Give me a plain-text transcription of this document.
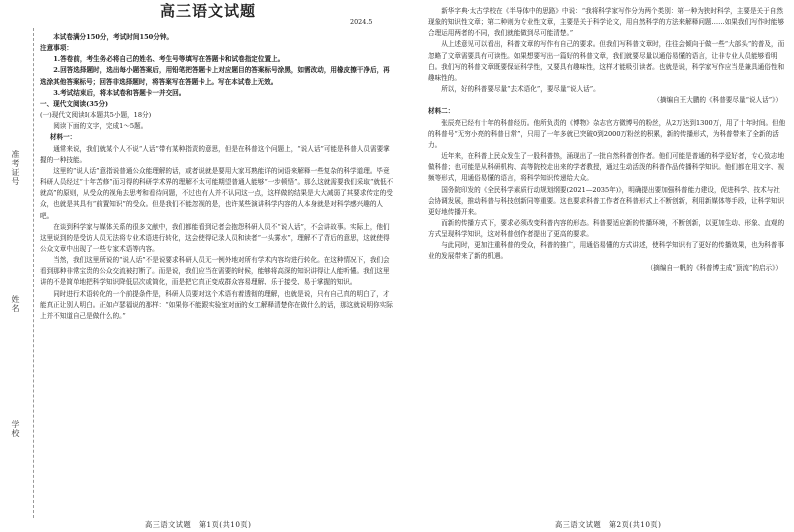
准考证号
姓名
学校
高三语文试题
2024.5

本试卷满分150分，考试时间150分钟。

注意事项：

1.答卷前，考生务必将自己的姓名、考生号等填写在答题卡和试卷指定位置上。

2.回答选择题时，选出每小题答案后，用铅笔把答题卡上对应题目的答案标号涂黑，如需改动，用橡皮擦干净后，再选涂其他答案标号；回答非选择题时，将答案写在答题卡上。写在本试卷上无效。

3.考试结束后，将本试卷和答题卡一并交回。

一、现代文阅读(35分)

(一)现代文阅读Ⅰ(本题共5小题，18分)

阅读下面的文字，完成1～5题。

材料一：

通常来说，我们就某个人不说“人话”带有某种指责的意思，但是在科普这个问题上，“说人话”可能是科普人员需要掌握的一种技能。

这里的“说人话”意指说普通公众能理解的话，或者说就是要用大家耳熟能详的词语来解释一些复杂的科学道理。毕竟科研人员经过“十年苦修”而习得的科研学术界的理解不太可能期望普通人能够“一步顿悟”。那么这就需要我们采取“就低不就高”的原则，从受众的视角去思考和看待问题，不过也有人并不认同这一点，这样做的结果是大大减弱了其要求传定的受众，也就是其具有“前置知识”的受众。但是我们不能忽视的是，也许某些演讲科学内容的人本身就是对科学感兴趣的人吧。

在谈到科学家与媒体关系的很多文献中，我们都能看到记者会抱怨科研人员不“说人话”，不会讲故事。实际上，他们这里说到的是受访人员无法将专业术语进行转化，这会使得记录人员和读者“一头雾水”，理解不了背后的意思，这就使得公众文章中出现了一些专家术语等内容。

当然，我们这里所说的“说人话”不是说要求科研人员无一例外地对所有学术内容均进行转化。在这种情况下，我们会看到那种非常宝贵的公众交流被打断了。而是说，我们应当在需要的时候，能够将高深的知识讲得让人能听懂。我们这里讲的不是简单地把科学知识降低层次或简化，而是把它真正变成群众容易理解、乐于接受、易于掌握的知识。

同时进行术语转化的一个前提条件是，科研人员要对这个术语有着透彻的理解，也就是说，只有自己真的明白了，才能真正让别人明白。正如卢瑟福说的那样：“如果你不能跟实验室对面的女工解释清楚你在做什么的话，那这就说明你实际上并不知道自己是做什么的。”

高三语文试题　第1页(共10页)

新华字典·太古学校在《半导体中的思路》中说：“我将科学家写作分为两个类别：第一种为狭时科学，主要是关于自然现象的知识性文章；第二种则为专业性文章，主要是关于科学论文，用自然科学的方法来解释问题……如果我们写作时能够合理运用两者的不同，我们就能做到尽可能清楚。”

从上述意见可以看出，科普文章的写作有自己的要求。但我们写科普文章时，往往会倾向于做一些“大部头”的普及，而忽略了文章需要具有可读性。如果想要写出一篇好的科普文章，我们就要尽量以通俗易懂的语言，让非专业人员能够看明白。我们写的科普文章既要保证科学性，又要具有趣味性，这样才能吸引读者。也就是说，科学家写作应当是兼具通俗性和趣味性的。

所以，好的科普要尽量“去术语化”，要尽量“说人话”。

（摘编自王大鹏的《科普要尽量“说人话”》）

材料二：

张辰亮已经有十年的科普经历。他所负责的《博物》杂志官方微博号的粉丝，从2万达到1300万，用了十年时间。但他的科普号“无穷小亮的科普日常”，只用了一年多就已突破0到2000万粉丝的积累，新的传播形式，为科普带来了全新的活力。

近年来，在科普上民众发生了一股科普热，涌现出了一批自然科普创作者。他们可能是普通的科学爱好者，专心致志地做科普；也可能是从科研机构、高等院校走出来的学者教授，通过生动活泼的科普作品传播科学知识。他们都在用文字、视频等形式，用通俗易懂的语言，将科学知识传递给大众。

国务院印发的《全民科学素质行动规划纲要(2021—2035年)》，明确提出要加强科普能力建设，促进科学、技术与社会协调发展，推动科普与科技创新同等重要。这也要求科普工作者在科普形式上不断创新，利用新媒体等手段，让科学知识更好地传播开来。

而新的传播方式下，要求必须改变科普内容的形态。科普要适应新的传播环境，不断创新，以更加生动、形象、直观的方式呈现科学知识，这对科普创作者提出了更高的要求。

与此同时，更加注重科普的受众，科普的推广，用通俗易懂的方式讲述，使科学知识有了更好的传播效果，也为科普事业的发展带来了新的机遇。

（摘编自一帆的《科普博主成“顶流”的启示》）

高三语文试题　第2页(共10页)
